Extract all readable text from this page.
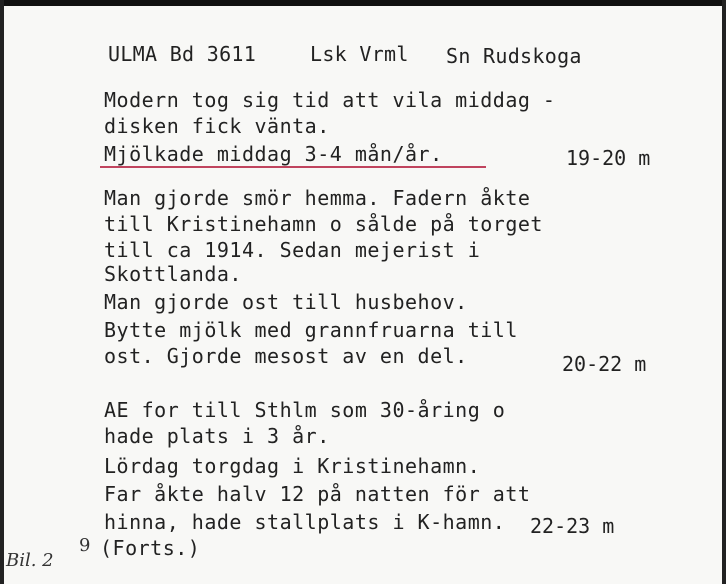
ULMA Bd 3611	Lsk Vrml Sn Rudskoga
Modern tog sig tid att vila middag -
disken fick vänta.
Mjölkade middag 3-4 mån/år.	19-20 m
Man gjorde smör hemma. Fadern åkte
till Kristinehamn o sålde på torget
till ca 1914. Sedan mejerist i
Skottlanda.
Man gjorde ost till husbehov.
Bytte mjölk med grannfruarna till
ost. Gjorde mesost av en del.	20-22 m
AE for till Sthlm som 30-åring o
hade plats i 3 år.
Lördag torgdag i Kristinehamn.
Far åkte halv 12 på natten för att
hinna, hade stallplats i K-hamn. 22-23 m
(Forts.)
Bil. 2
9
